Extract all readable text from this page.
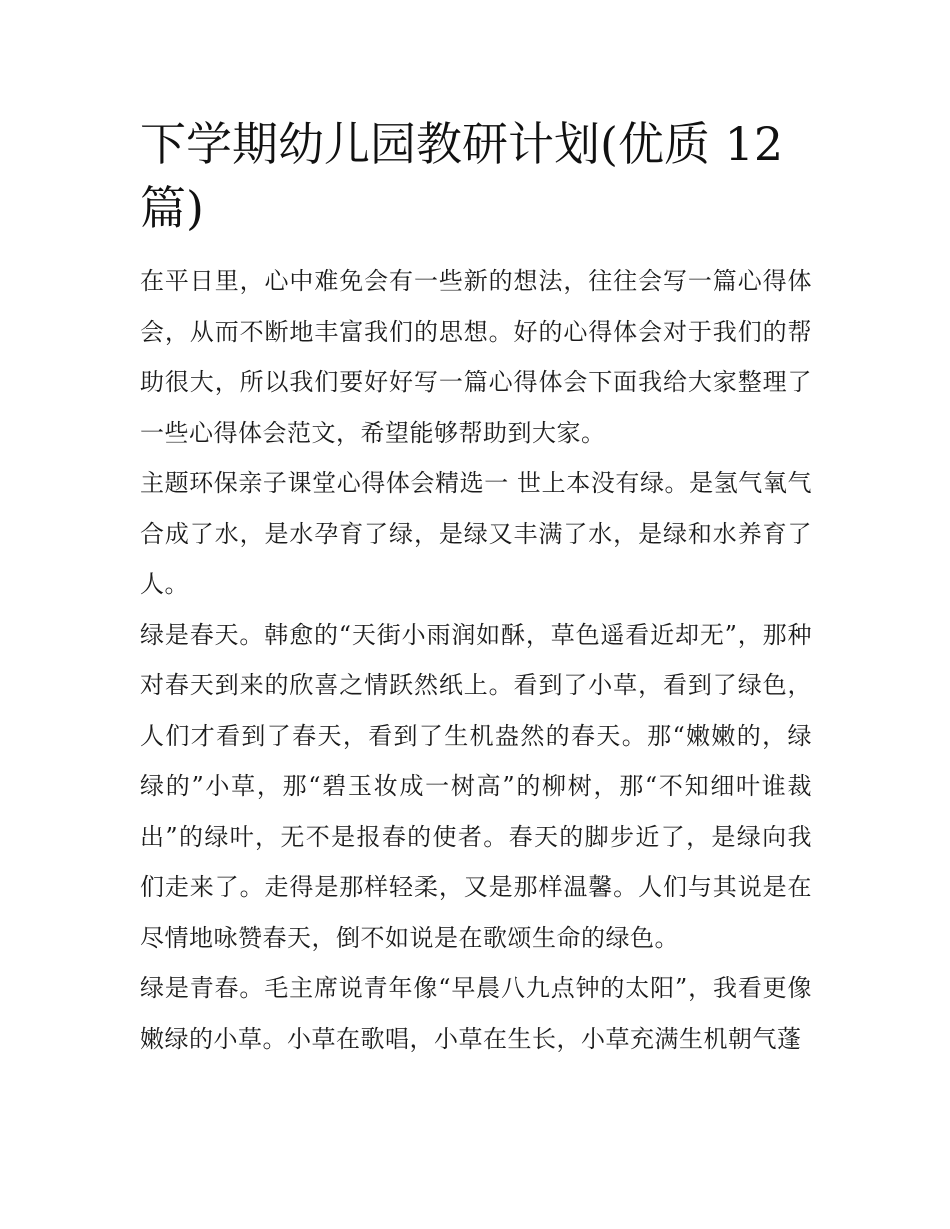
下学期幼儿园教研计划(优质 12 篇)

在平日里，心中难免会有一些新的想法，往往会写一篇心得体会，从而不断地丰富我们的思想。好的心得体会对于我们的帮助很大，所以我们要好好写一篇心得体会下面我给大家整理了一些心得体会范文，希望能够帮助到大家。

主题环保亲子课堂心得体会精选一 世上本没有绿。是氢气氧气合成了水，是水孕育了绿，是绿又丰满了水，是绿和水养育了人。

绿是春天。韩愈的“天街小雨润如酥，草色遥看近却无”，那种对春天到来的欣喜之情跃然纸上。看到了小草，看到了绿色，人们才看到了春天，看到了生机盎然的春天。那“嫩嫩的，绿绿的”小草，那“碧玉妆成一树高”的柳树，那“不知细叶谁裁出”的绿叶，无不是报春的使者。春天的脚步近了，是绿向我们走来了。走得是那样轻柔，又是那样温馨。人们与其说是在尽情地咏赞春天，倒不如说是在歌颂生命的绿色。

绿是青春。毛主席说青年像“早晨八九点钟的太阳”，我看更像嫩绿的小草。小草在歌唱，小草在生长，小草充满生机朝气蓬
